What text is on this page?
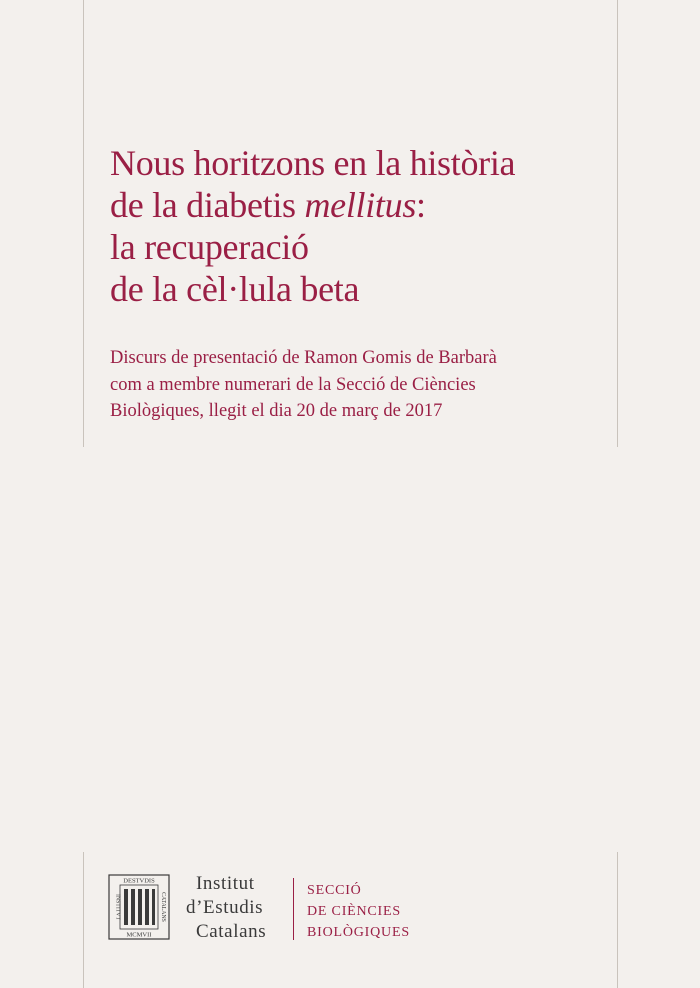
Nous horitzons en la història
de la diabetis mellitus:
la recuperació
de la cèl·lula beta
Discurs de presentació de Ramon Gomis de Barbarà
com a membre numerari de la Secció de Ciències
Biològiques, llegit el dia 20 de març de 2017
DESTVDIS
MCMVII
INSTITVT	CATALANS
Institut
d’Estudis
Catalans
SECCIÓ
DE CIÈNCIES
BIOLÒGIQUES
